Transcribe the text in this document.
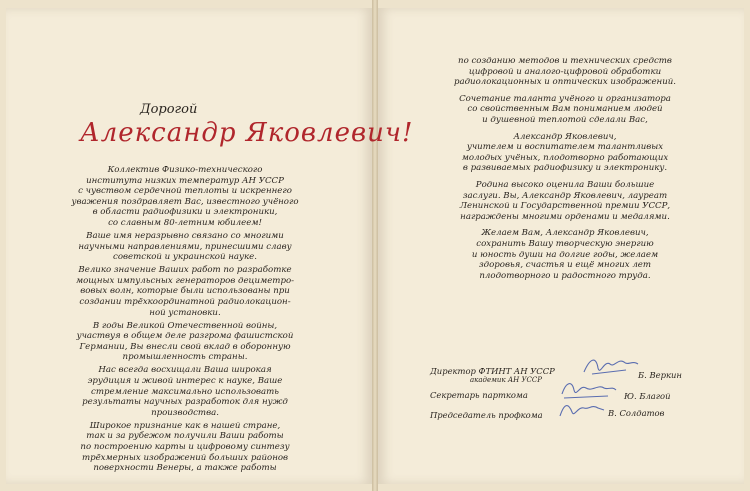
Дорогой
Александр Яковлевич!
Коллектив Физико-технического
института низких температур АН УССР
с чувством сердечной теплоты и искреннего
уважения поздравляет Вас, известного учёного
в области радиофизики и электроники,
со славным 80-летним юбилеем!
Ваше имя неразрывно связано со многими
научными направлениями, принесшими славу
советской и украинской науке.
Велико значение Ваших работ по разработке
мощных импульсных генераторов дециметро-
вовых волн, которые были использованы при
создании трёхкоординатной радиолокацион-
ной установки.
В годы Великой Отечественной войны,
участвуя в общем деле разгрома фашистской
Германии, Вы внесли свой вклад в оборонную
промышленность страны.
Нас всегда восхищали Ваша широкая
эрудиция и живой интерес к науке, Ваше
стремление максимально использовать
результаты научных разработок для нужд
производства.
Широкое признание как в нашей стране,
так и за рубежом получили Ваши работы
по построению карты и цифровому синтезу
трёхмерных изображений больших районов
поверхности Венеры, а также работы
по созданию методов и технических средств
цифровой и аналого-цифровой обработки
радиолокационных и оптических изображений.
Сочетание таланта учёного и организатора
со свойственным Вам пониманием людей
и душевной теплотой сделали Вас,
Александр Яковлевич,
учителем и воспитателем талантливых
молодых учёных, плодотворно работающих
в развиваемых радиофизику и электронику.
Родина высоко оценила Ваши большие
заслуги. Вы, Александр Яковлевич, лауреат
Ленинской и Государственной премии УССР,
награждены многими орденами и медалями.
Желаем Вам, Александр Яковлевич,
сохранить Вашу творческую энергию
и юность души на долгие годы, желаем
здоровья, счастья и ещё многих лет
плодотворного и радостного труда.
Директор ФТИНТ АН УССР
академик АН УССР	Б. Веркин
Секретарь парткома	Ю. Благой
Председатель профкома	В. Солдатов
